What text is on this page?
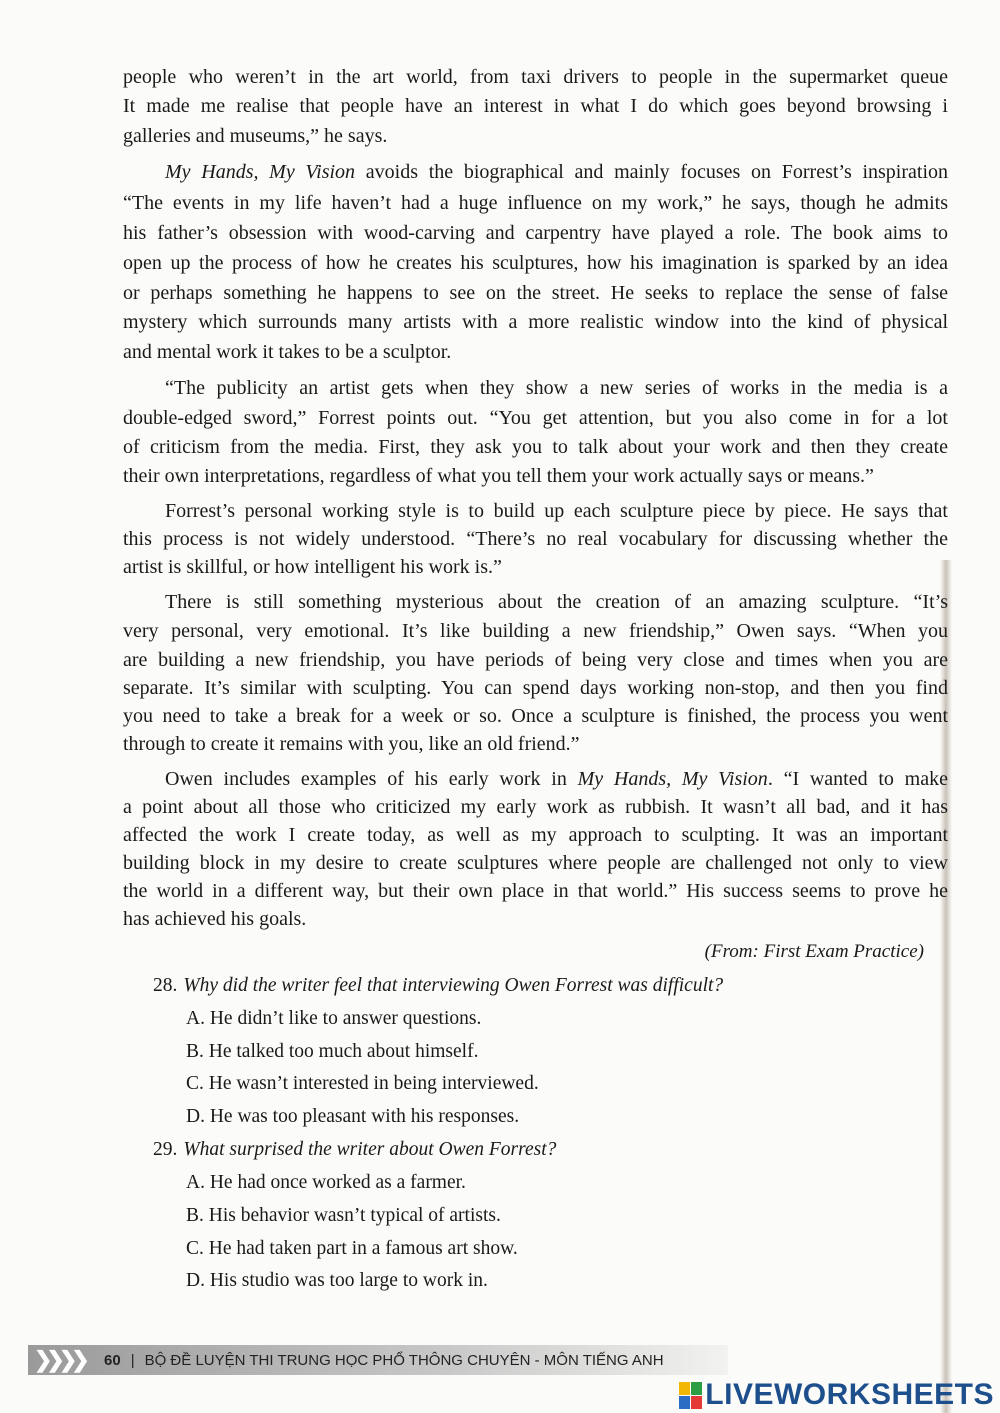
people who weren’t in the art world, from taxi drivers to people in the supermarket queue
It made me realise that people have an interest in what I do which goes beyond browsing i
galleries and museums,” he says.
My Hands, My Vision avoids the biographical and mainly focuses on Forrest’s inspiration
“The events in my life haven’t had a huge influence on my work,” he says, though he admits
his father’s obsession with wood-carving and carpentry have played a role. The book aims to
open up the process of how he creates his sculptures, how his imagination is sparked by an idea
or perhaps something he happens to see on the street. He seeks to replace the sense of false
mystery which surrounds many artists with a more realistic window into the kind of physical
and mental work it takes to be a sculptor.
“The publicity an artist gets when they show a new series of works in the media is a
double-edged sword,” Forrest points out. “You get attention, but you also come in for a lot
of criticism from the media. First, they ask you to talk about your work and then they create
their own interpretations, regardless of what you tell them your work actually says or means.”
Forrest’s personal working style is to build up each sculpture piece by piece. He says that
this process is not widely understood. “There’s no real vocabulary for discussing whether the
artist is skillful, or how intelligent his work is.”
There is still something mysterious about the creation of an amazing sculpture. “It’s
very personal, very emotional. It’s like building a new friendship,” Owen says. “When you
are building a new friendship, you have periods of being very close and times when you are
separate. It’s similar with sculpting. You can spend days working non-stop, and then you find
you need to take a break for a week or so. Once a sculpture is finished, the process you went
through to create it remains with you, like an old friend.”
Owen includes examples of his early work in My Hands, My Vision. “I wanted to make
a point about all those who criticized my early work as rubbish. It wasn’t all bad, and it has
affected the work I create today, as well as my approach to sculpting. It was an important
building block in my desire to create sculptures where people are challenged not only to view
the world in a different way, but their own place in that world.” His success seems to prove he
has achieved his goals.
(From: First Exam Practice)
28. Why did the writer feel that interviewing Owen Forrest was difficult?
A. He didn’t like to answer questions.
B. He talked too much about himself.
C. He wasn’t interested in being interviewed.
D. He was too pleasant with his responses.
29. What surprised the writer about Owen Forrest?
A. He had once worked as a farmer.
B. His behavior wasn’t typical of artists.
C. He had taken part in a famous art show.
D. His studio was too large to work in.
❯❯❯❯	60 | BỘ ĐỀ LUYỆN THI TRUNG HỌC PHỔ THÔNG CHUYÊN - MÔN TIẾNG ANH
LIVEWORKSHEETS
